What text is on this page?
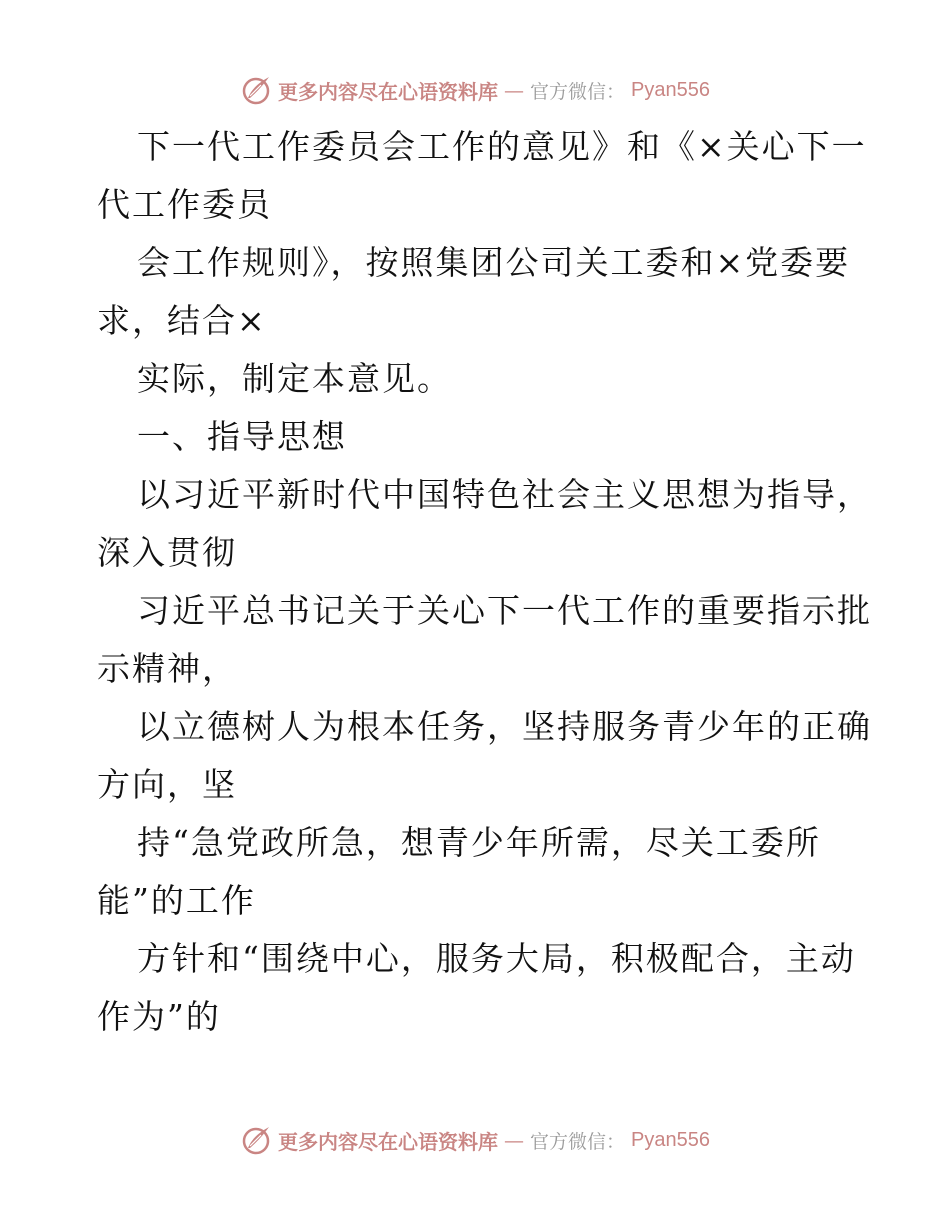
更多内容尽在心语资料库 — 官方微信： Pyan556

下一代工作委员会工作的意见》和《×关心下一

代工作委员

会工作规则》，按照集团公司关工委和×党委要

求，结合×

实际，制定本意见。

一、指导思想

以习近平新时代中国特色社会主义思想为指导，

深入贯彻

习近平总书记关于关心下一代工作的重要指示批

示精神，

以立德树人为根本任务，坚持服务青少年的正确

方向，坚

持“急党政所急，想青少年所需，尽关工委所

能”的工作

方针和“围绕中心，服务大局，积极配合，主动

作为”的

更多内容尽在心语资料库 — 官方微信： Pyan556
